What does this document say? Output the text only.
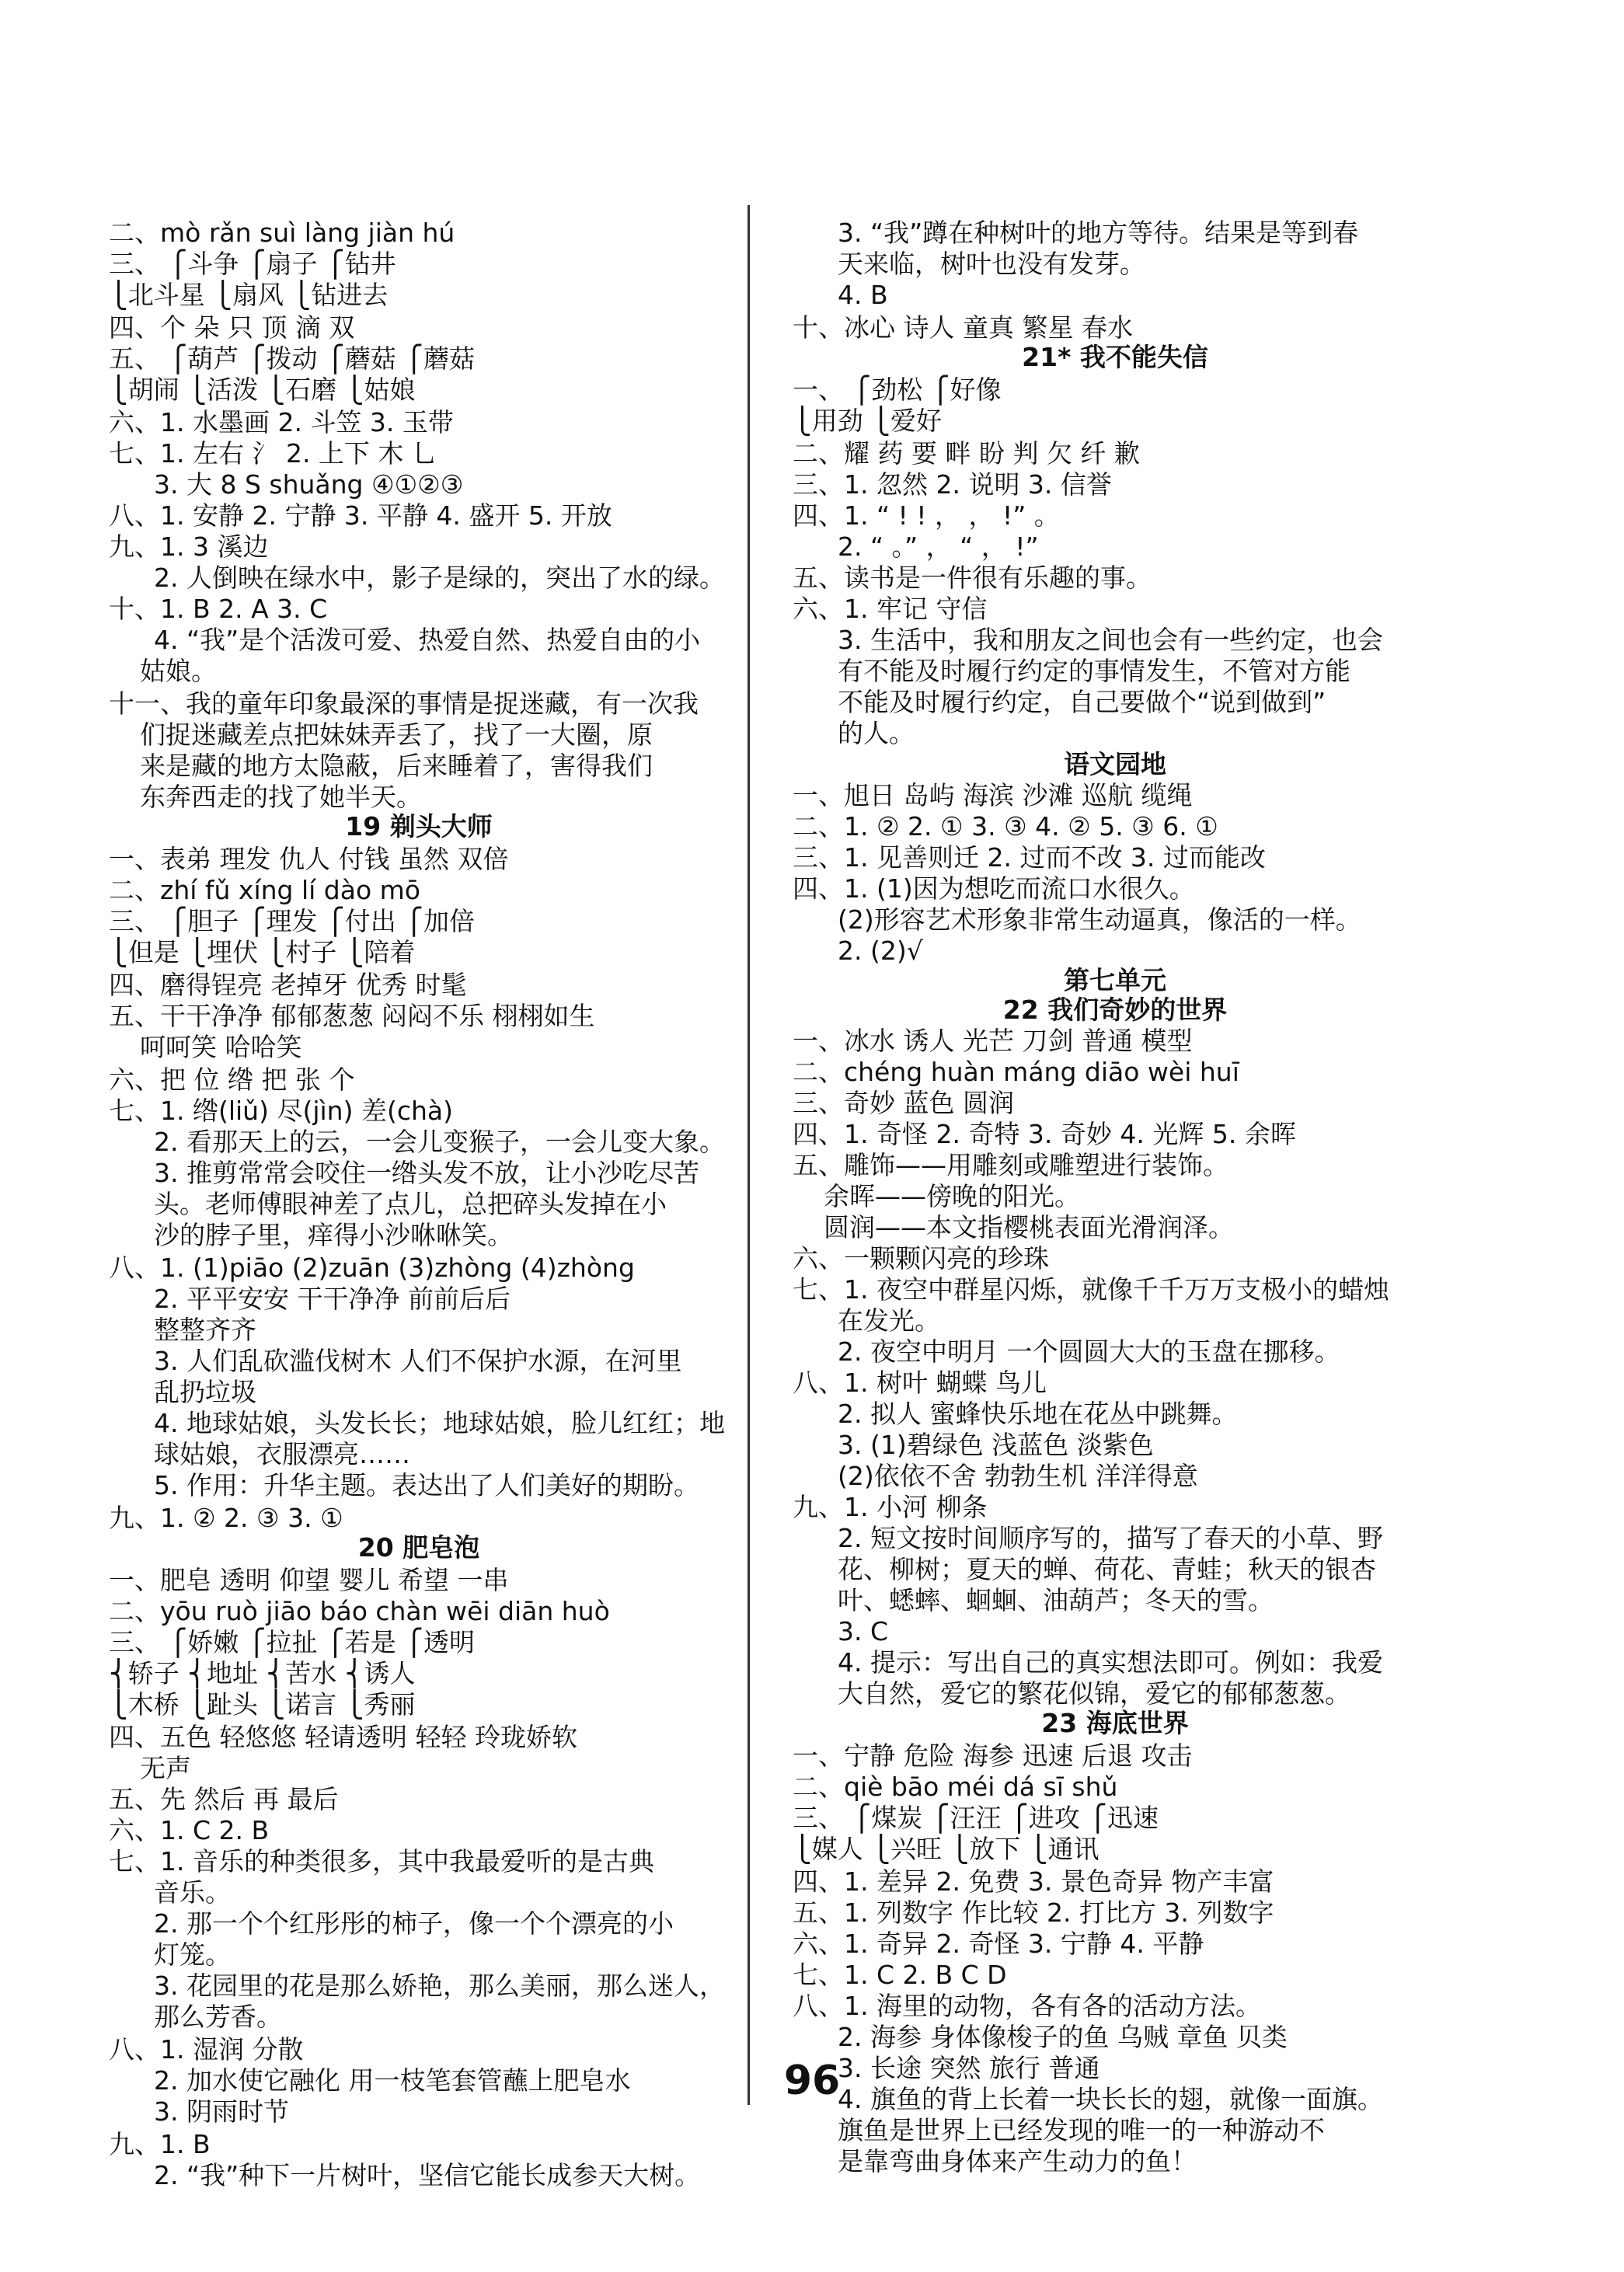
二、mò rǎn suì làng jiàn hú
三、 ⎧斗争 ⎧扇子 ⎧钻井
⎩北斗星 ⎩扇风 ⎩钻进去
四、个 朵 只 顶 滴 双
五、 ⎧葫芦 ⎧拨动 ⎧蘑菇 ⎧蘑菇
⎩胡闹 ⎩活泼 ⎩石磨 ⎩姑娘
六、1. 水墨画 2. 斗笠 3. 玉带
七、1. 左右 氵 2. 上下 木 乚
3. 大 8 S shuǎng ④①②③
八、1. 安静 2. 宁静 3. 平静 4. 盛开 5. 开放
九、1. 3 溪边
2. 人倒映在绿水中，影子是绿的，突出了水的绿。
十、1. B 2. A 3. C
4. “我”是个活泼可爱、热爱自然、热爱自由的小
姑娘。
十一、我的童年印象最深的事情是捉迷藏，有一次我
们捉迷藏差点把妹妹弄丢了，找了一大圈，原
来是藏的地方太隐蔽，后来睡着了，害得我们
东奔西走的找了她半天。
19 剃头大师
一、表弟 理发 仇人 付钱 虽然 双倍
二、zhí fǔ xíng lí dào mō
三、 ⎧胆子 ⎧理发 ⎧付出 ⎧加倍
⎩但是 ⎩埋伏 ⎩村子 ⎩陪着
四、磨得锃亮 老掉牙 优秀 时髦
五、干干净净 郁郁葱葱 闷闷不乐 栩栩如生
呵呵笑 哈哈笑
六、把 位 绺 把 张 个
七、1. 绺(liǔ) 尽(jìn) 差(chà)
2. 看那天上的云，一会儿变猴子，一会儿变大象。
3. 推剪常常会咬住一绺头发不放，让小沙吃尽苦
头。老师傅眼神差了点儿，总把碎头发掉在小
沙的脖子里，痒得小沙咻咻笑。
八、1. (1)piāo (2)zuān (3)zhòng (4)zhòng
2. 平平安安 干干净净 前前后后
整整齐齐
3. 人们乱砍滥伐树木 人们不保护水源，在河里
乱扔垃圾
4. 地球姑娘，头发长长；地球姑娘，脸儿红红；地
球姑娘，衣服漂亮……
5. 作用：升华主题。表达出了人们美好的期盼。
九、1. ② 2. ③ 3. ①
20 肥皂泡
一、肥皂 透明 仰望 婴儿 希望 一串
二、yōu ruò jiāo báo chàn wēi diān huò
三、 ⎧娇嫩 ⎧拉扯 ⎧若是 ⎧透明
⎨轿子 ⎨地址 ⎨苦水 ⎨诱人
⎩木桥 ⎩趾头 ⎩诺言 ⎩秀丽
四、五色 轻悠悠 轻请透明 轻轻 玲珑娇软
无声
五、先 然后 再 最后
六、1. C 2. B
七、1. 音乐的种类很多，其中我最爱听的是古典
音乐。
2. 那一个个红彤彤的柿子，像一个个漂亮的小
灯笼。
3. 花园里的花是那么娇艳，那么美丽，那么迷人，
那么芳香。
八、1. 湿润 分散
2. 加水使它融化 用一枝笔套管蘸上肥皂水
3. 阴雨时节
九、1. B
2. “我”种下一片树叶，坚信它能长成参天大树。
3. “我”蹲在种树叶的地方等待。结果是等到春
天来临，树叶也没有发芽。
4. B
十、冰心 诗人 童真 繁星 春水
21* 我不能失信
一、 ⎧劲松 ⎧好像
⎩用劲 ⎩爱好
二、耀 药 要 畔 盼 判 欠 纤 歉
三、1. 忽然 2. 说明 3. 信誉
四、1. “ ! ! ， ， !” 。
2. “ 。” ， “ ， !”
五、读书是一件很有乐趣的事。
六、1. 牢记 守信
3. 生活中，我和朋友之间也会有一些约定，也会
有不能及时履行约定的事情发生，不管对方能
不能及时履行约定，自己要做个“说到做到”
的人。
语文园地
一、旭日 岛屿 海滨 沙滩 巡航 缆绳
二、1. ② 2. ① 3. ③ 4. ② 5. ③ 6. ①
三、1. 见善则迁 2. 过而不改 3. 过而能改
四、1. (1)因为想吃而流口水很久。
(2)形容艺术形象非常生动逼真，像活的一样。
2. (2)√
第七单元
22 我们奇妙的世界
一、冰水 诱人 光芒 刀剑 普通 模型
二、chéng huàn máng diāo wèi huī
三、奇妙 蓝色 圆润
四、1. 奇怪 2. 奇特 3. 奇妙 4. 光辉 5. 余晖
五、雕饰——用雕刻或雕塑进行装饰。
余晖——傍晚的阳光。
圆润——本文指樱桃表面光滑润泽。
六、一颗颗闪亮的珍珠
七、1. 夜空中群星闪烁，就像千千万万支极小的蜡烛
在发光。
2. 夜空中明月 一个圆圆大大的玉盘在挪移。
八、1. 树叶 蝴蝶 鸟儿
2. 拟人 蜜蜂快乐地在花丛中跳舞。
3. (1)碧绿色 浅蓝色 淡紫色
(2)依依不舍 勃勃生机 洋洋得意
九、1. 小河 柳条
2. 短文按时间顺序写的，描写了春天的小草、野
花、柳树；夏天的蝉、荷花、青蛙；秋天的银杏
叶、蟋蟀、蛔蛔、油葫芦；冬天的雪。
3. C
4. 提示：写出自己的真实想法即可。例如：我爱
大自然，爱它的繁花似锦，爱它的郁郁葱葱。
23 海底世界
一、宁静 危险 海参 迅速 后退 攻击
二、qiè bāo méi dá sī shǔ
三、 ⎧煤炭 ⎧汪汪 ⎧进攻 ⎧迅速
⎩媒人 ⎩兴旺 ⎩放下 ⎩通讯
四、1. 差异 2. 免费 3. 景色奇异 物产丰富
五、1. 列数字 作比较 2. 打比方 3. 列数字
六、1. 奇异 2. 奇怪 3. 宁静 4. 平静
七、1. C 2. B C D
八、1. 海里的动物，各有各的活动方法。
2. 海参 身体像梭子的鱼 乌贼 章鱼 贝类
3. 长途 突然 旅行 普通
4. 旗鱼的背上长着一块长长的翅，就像一面旗。
旗鱼是世界上已经发现的唯一的一种游动不
是靠弯曲身体来产生动力的鱼！
96
